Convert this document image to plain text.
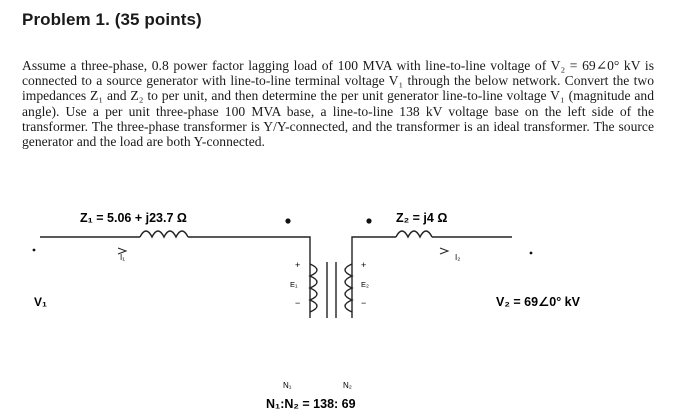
Problem 1. (35 points)
Assume a three-phase, 0.8 power factor lagging load of 100 MVA with line-to-line voltage of V₂ = 69∠0° kV is connected to a source generator with line-to-line terminal voltage V₁ through the below network. Convert the two impedances Z₁ and Z₂ to per unit, and then determine the per unit generator line-to-line voltage V₁ (magnitude and angle). Use a per unit three-phase 100 MVA base, a line-to-line 138 kV voltage base on the left side of the transformer. The three-phase transformer is Y/Y-connected, and the transformer is an ideal transformer. The source generator and the load are both Y-connected.
Z₁ = 5.06 + j23.7 Ω	Z₂ = j4 Ω
I₁	I₂
E₁	E₂
+
−
+
−
V₁	V₂ = 69∠0° kV
N₁	N₂
N₁:N₂ = 138: 69
